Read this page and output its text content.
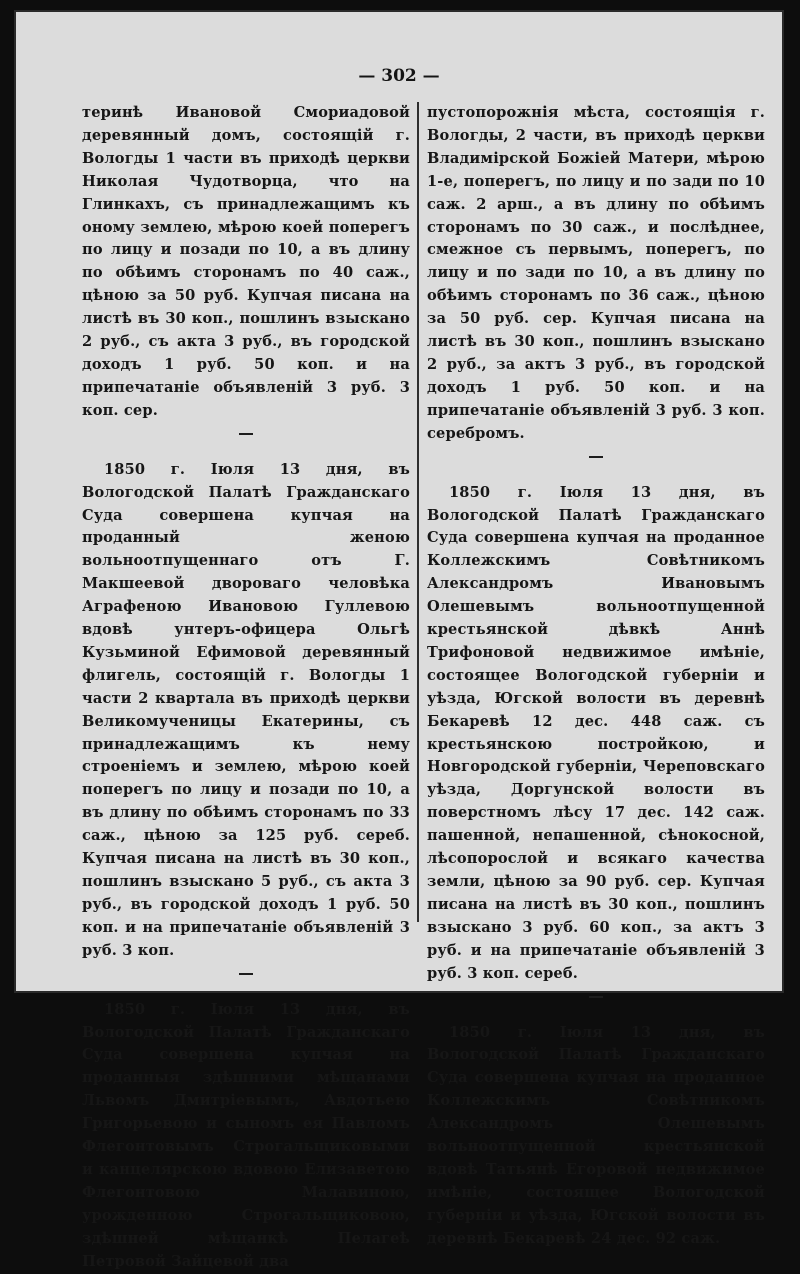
— 302 —

теринѣ Ивановой Смориадовой деревянный домъ, состоящiй г. Вологды 1 части въ приходѣ церкви Николая Чудотворца, что на Глинкахъ, съ принадлежащимъ къ оному землею, мѣрою коей поперегъ по лицу и позади по 10, а въ длину по обѣимъ сторонамъ по 40 саж., цѣною за 50 руб. Купчая писана на листѣ въ 30 коп., пошлинъ взыскано 2 руб., съ акта 3 руб., въ городской доходъ 1 руб. 50 коп. и на припечатанiе объявленiй 3 руб. 3 коп. сер.

1850 г. Iюля 13 дня, въ Вологодской Палатѣ Гражданскаго Суда совершена купчая на проданный женою вольноотпущеннаго отъ Г. Макшеевой двороваго человѣка Аграфеною Ивановою Гуллевою вдовѣ унтеръ-офицера Ольгѣ Кузьминой Ефимовой деревянный флигель, состоящiй г. Вологды 1 части 2 квартала въ приходѣ церкви Великомученицы Екатерины, съ принадлежащимъ къ нему строенiемъ и землею, мѣрою коей поперегъ по лицу и позади по 10, а въ длину по обѣимъ сторонамъ по 33 саж., цѣною за 125 руб. сереб. Купчая писана на листѣ въ 30 коп., пошлинъ взыскано 5 руб., съ акта 3 руб., въ городской доходъ 1 руб. 50 коп. и на припечатанiе объявленiй 3 руб. 3 коп.

1850 г. Iюля 13 дня, въ Вологодской Палатѣ Гражданскаго Суда совершена купчая на проданныя здѣшними мѣщанами Львомъ Дмитрiевымъ, Авдотьею Григорьевою и сыномъ ея Павломъ Флегонтовымъ Строгальщиковыми и канцелярскою вдовою Елизаветою Флегонтовою Малавиною, урожденною Строгальщиковою, здѣшней мѣщанкѣ Пелагеѣ Петровой Зайцевой два

пустопорожнiя мѣста, состоящiя г. Вологды, 2 части, въ приходѣ церкви Владимiрской Божiей Матери, мѣрою 1-е, поперегъ, по лицу и по зади по 10 саж. 2 арш., а въ длину по обѣимъ сторонамъ по 30 саж., и послѣднее, смежное съ первымъ, поперегъ, по лицу и по зади по 10, а въ длину по обѣимъ сторонамъ по 36 саж., цѣною за 50 руб. сер. Купчая писана на листѣ въ 30 коп., пошлинъ взыскано 2 руб., за актъ 3 руб., въ городской доходъ 1 руб. 50 коп. и на припечатанiе объявленiй 3 руб. 3 коп. серебромъ.

1850 г. Iюля 13 дня, въ Вологодской Палатѣ Гражданскаго Суда совершена купчая на проданное Коллежскимъ Совѣтникомъ Александромъ Ивановымъ Олешевымъ вольноотпущенной крестьянской дѣвкѣ Аннѣ Трифоновой недвижимое имѣнiе, состоящее Вологодской губернiи и уѣзда, Югской волости въ деревнѣ Бекаревѣ 12 дес. 448 саж. съ крестьянскою постройкою, и Новгородской губернiи, Череповскаго уѣзда, Доргунской волости въ поверстномъ лѣсу 17 дес. 142 саж. пашенной, непашенной, сѣнокосной, лѣсопорослой и всякаго качества земли, цѣною за 90 руб. сер. Купчая писана на листѣ въ 30 коп., пошлинъ взыскано 3 руб. 60 коп., за актъ 3 руб. и на припечатанiе объявленiй 3 руб. 3 коп. сереб.

1850 г. Iюля 13 дня, въ Вологодской Палатѣ Гражданскаго Суда совершена купчая на проданное Коллежскимъ Совѣтникомъ Александромъ Олешевымъ вольноотпущенной крестьянской вдовѣ Татьянѣ Егоровой недвижимое имѣнiе, состоящее Вологодской губернiи и уѣзда, Югской волости въ деревнѣ Бекаревѣ 24 дес. 92 саж.
